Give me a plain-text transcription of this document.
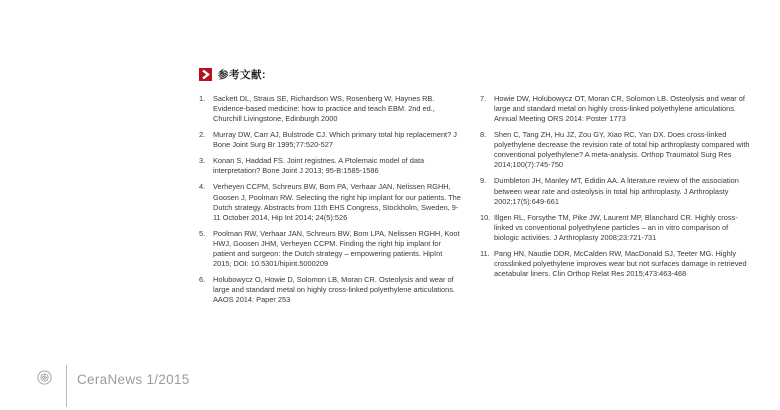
参考文献:
1.	Sackett DL, Straus SE, Richardson WS, Rosenberg W, Haynes RB. Evidence-based medicine: how to practice and teach EBM. 2nd ed., Churchill Livingstone, Edinburgh 2000
2.	Murray DW, Carr AJ, Bulstrode CJ. Which primary total hip replacement? J Bone Joint Surg Br 1995;77:520-527
3.	Konan S, Haddad FS. Joint registries. A Ptolemaic model of data interpretation? Bone Joint J 2013; 95-B:1585-1586
4.	Verheyen CCPM, Schreurs BW, Born PA, Verhaar JAN, Nelissen RGHH, Goosen J, Poolman RW. Selecting the right hip implant for our patients. The Dutch strategy. Abstracts from 11th EHS Congress, Stockholm, Sweden, 9-11 October 2014, Hip Int 2014; 24(5):526
5.	Poolman RW, Verhaar JAN, Schreurs BW, Bom LPA, Nelissen RGHH, Koot HWJ, Goosen JHM, Verheyen CCPM. Finding the right hip implant for patient and surgeon: the Dutch strategy – empowering patients. HipInt 2015; DOI: 10.5301/hipint.5000209
6.	Holubowycz O, Howie D, Solomon LB, Moran CR. Osteolysis and wear of large and standard metal on highly cross-linked polyethylene articulations. AAOS 2014: Paper 253
7.	Howie DW, Holubowycz OT, Moran CR, Solomon LB. Osteolysis and wear of large and standard metal on highly cross-linked polyethylene articulations. Annual Meeting ORS 2014: Poster 1773
8.	Shen C, Tang ZH, Hu JZ, Zou GY, Xiao RC, Yan DX. Does cross-linked polyethylene decrease the revision rate of total hip arthroplasty compared with conventional polyethylene? A meta-analysis. Orthop Traumatol Surg Res 2014;100(7):745-750
9.	Dumbleton JH, Manley MT, Edidin AA. A literature review of the association between wear rate and osteolysis in total hip arthroplasty. J Arthroplasty 2002;17(5):649-661
10. Illgen RL, Forsythe TM, Pike JW, Laurent MP, Blanchard CR. Highly cross-linked vs conventional polyethylene particles – an in vitro comparison of biologic activities. J Arthroplasty 2008;23:721-731
11. Pang HN, Naudie DDR, McCalden RW, MacDonald SJ, Teeter MG. Highly crosslinked polyethylene improves wear but not surfaces damage in retrieved acetabular liners. Clin Orthop Relat Res 2015;473:463-468
CeraNews 1/2015
